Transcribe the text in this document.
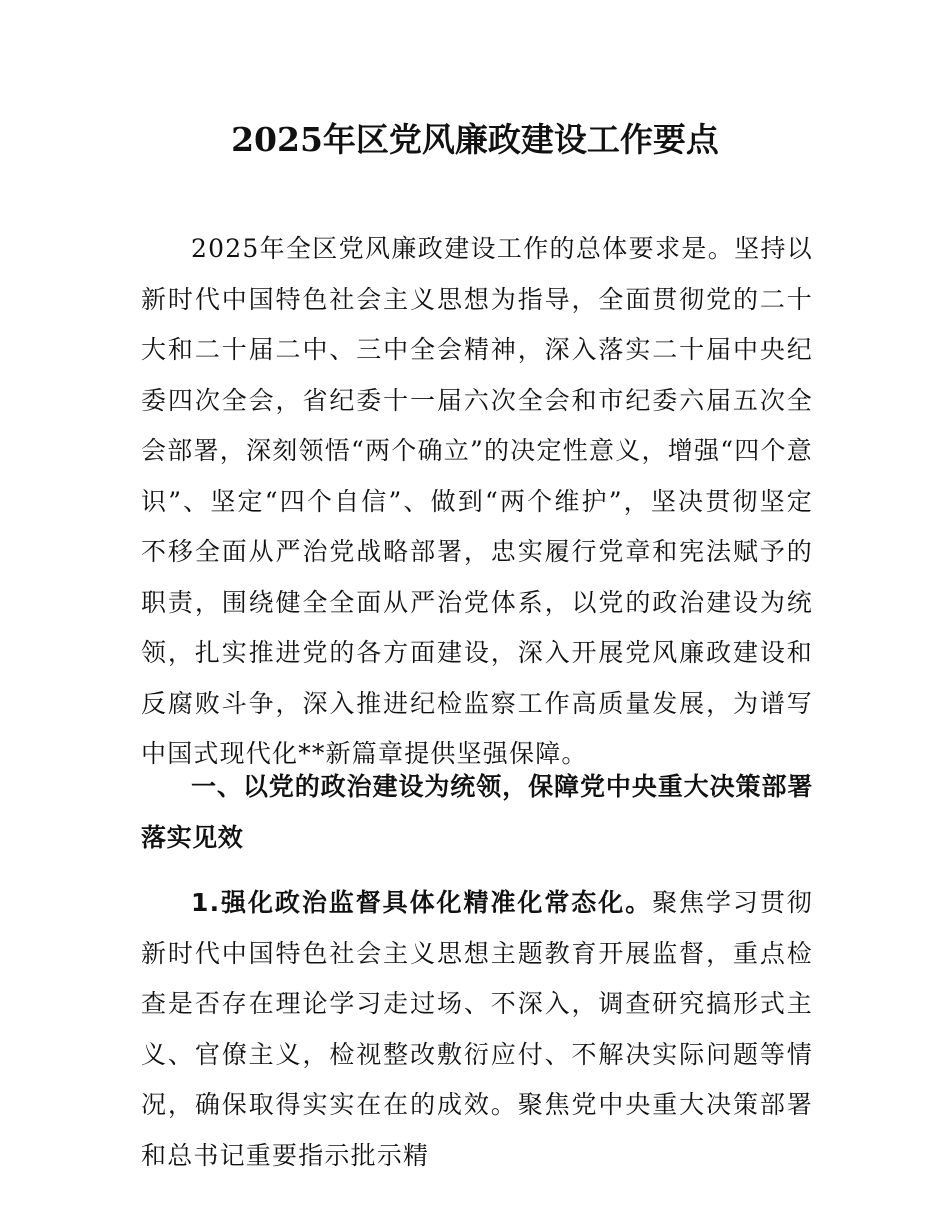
2025年区党风廉政建设工作要点

2025年全区党风廉政建设工作的总体要求是。坚持以新时代中国特色社会主义思想为指导，全面贯彻党的二十大和二十届二中、三中全会精神，深入落实二十届中央纪委四次全会，省纪委十一届六次全会和市纪委六届五次全会部署，深刻领悟“两个确立”的决定性意义，增强“四个意识”、坚定“四个自信”、做到“两个维护”，坚决贯彻坚定不移全面从严治党战略部署，忠实履行党章和宪法赋予的职责，围绕健全全面从严治党体系，以党的政治建设为统领，扎实推进党的各方面建设，深入开展党风廉政建设和反腐败斗争，深入推进纪检监察工作高质量发展，为谱写中国式现代化**新篇章提供坚强保障。

一、以党的政治建设为统领，保障党中央重大决策部署落实见效

1.强化政治监督具体化精准化常态化。聚焦学习贯彻新时代中国特色社会主义思想主题教育开展监督，重点检查是否存在理论学习走过场、不深入，调查研究搞形式主义、官僚主义，检视整改敷衍应付、不解决实际问题等情况，确保取得实实在在的成效。聚焦党中央重大决策部署和总书记重要指示批示精
